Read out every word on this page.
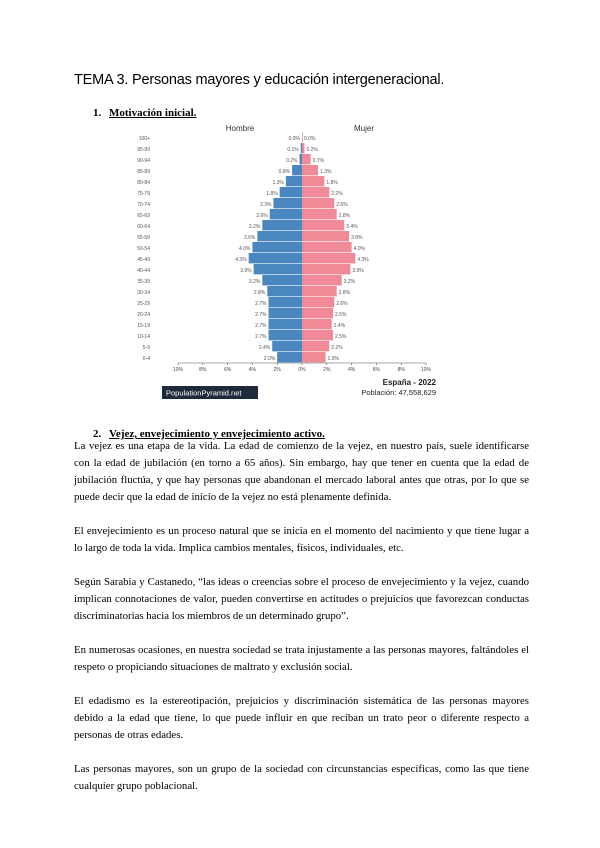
TEMA 3. Personas mayores y educación intergeneracional.
1. Motivación inicial.
Hombre	Mujer
0-4	2.0%	1.9%
5-9	2.4%	2.2%
10-14	2.7%	2.5%
15-19	2.7%	2.4%
20-24	2.7%	2.5%
25-29	2.7%	2.6%
30-34	2.8%	2.8%
35-39	3.2%	3.2%
40-44	3.9%	3.9%
45-49	4.3%	4.3%
50-54	4.0%	4.0%
55-59	3.6%	3.8%
60-64	3.2%	3.4%
65-69	2.6%	2.8%
70-74	2.3%	2.6%
75-79	1.8%	2.2%
80-84	1.3%	1.8%
85-89	0.8%	1.3%
90-94	0.2%	0.7%
95-99	0.1% 0.2%
100+	0.0% 0.0%
10%	8%	6%	4%	2%	0%	2%	4%	6%	8%	10%
España - 2022
Población: 47,558,629
PopulationPyramid.net
2. Vejez, envejecimiento y envejecimiento activo.

La vejez es una etapa de la vida. La edad de comienzo de la vejez, en nuestro país, suele identificarse con la edad de jubilación (en torno a 65 años). Sin embargo, hay que tener en cuenta que la edad de jubilación fluctúa, y que hay personas que abandonan el mercado laboral antes que otras, por lo que se puede decir que la edad de inicio de la vejez no está plenamente definida.

El envejecimiento es un proceso natural que se inicia en el momento del nacimiento y que tiene lugar a lo largo de toda la vida. Implica cambios mentales, físicos, individuales, etc.

Según Sarabia y Castanedo, “las ideas o creencias sobre el proceso de envejecimiento y la vejez, cuando implican connotaciones de valor, pueden convertirse en actitudes o prejuicios que favorezcan conductas discriminatorias hacia los miembros de un determinado grupo”.

En numerosas ocasiones, en nuestra sociedad se trata injustamente a las personas mayores, faltándoles el respeto o propiciando situaciones de maltrato y exclusión social.

El edadismo es la estereotipación, prejuicios y discriminación sistemática de las personas mayores debido a la edad que tiene, lo que puede influir en que reciban un trato peor o diferente respecto a personas de otras edades.

Las personas mayores, son un grupo de la sociedad con circunstancias específicas, como las que tiene cualquier grupo poblacional.
